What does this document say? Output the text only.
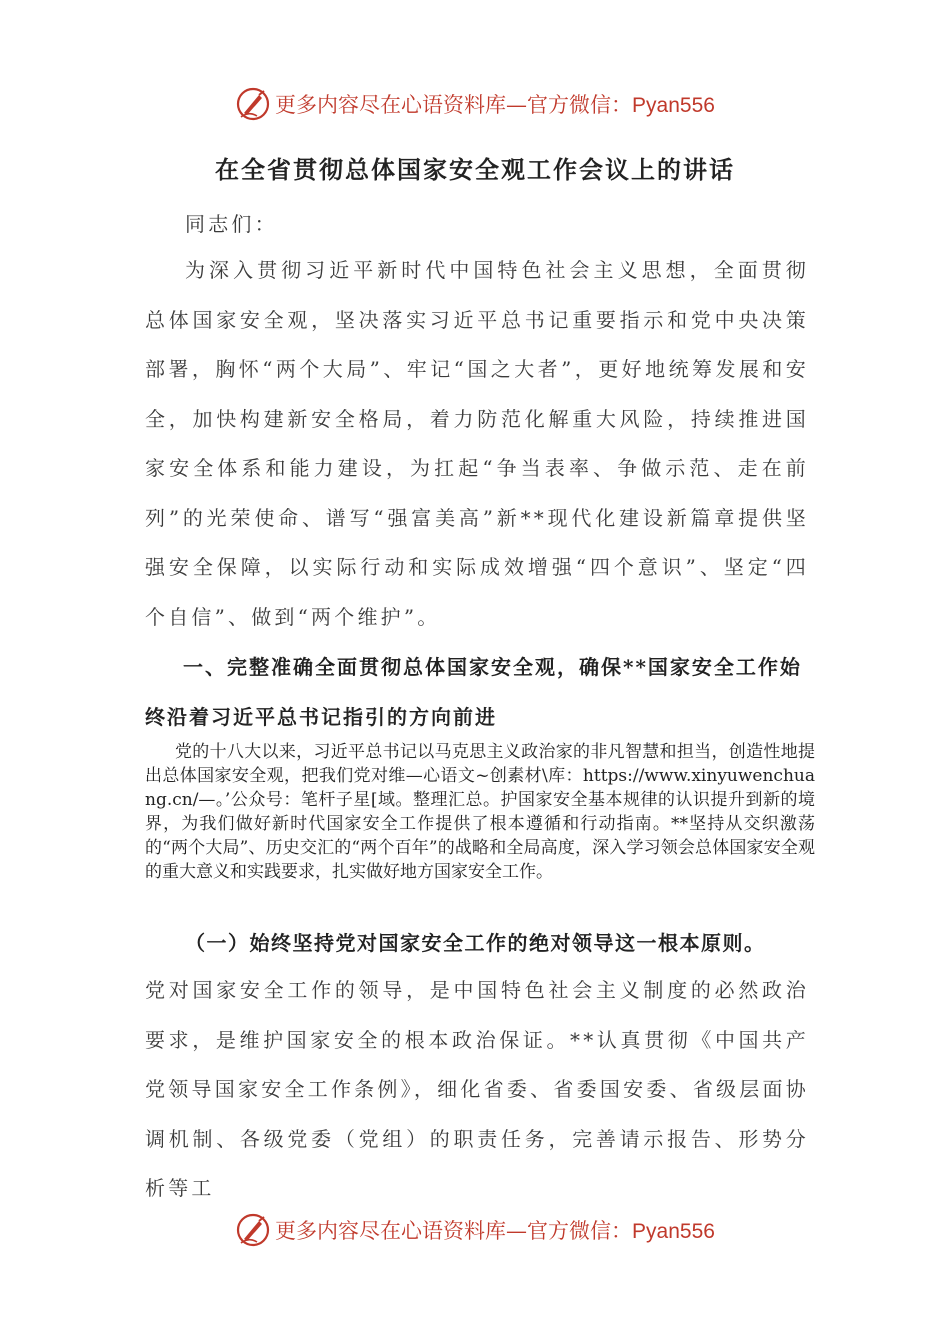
更多内容尽在心语资料库—官方微信：Pyan556
在全省贯彻总体国家安全观工作会议上的讲话

同志们：

为深入贯彻习近平新时代中国特色社会主义思想，全面贯彻总体国家安全观，坚决落实习近平总书记重要指示和党中央决策部署，胸怀“两个大局”、牢记“国之大者”，更好地统筹发展和安全，加快构建新安全格局，着力防范化解重大风险，持续推进国家安全体系和能力建设，为扛起“争当表率、争做示范、走在前列”的光荣使命、谱写“强富美高”新**现代化建设新篇章提供坚强安全保障，以实际行动和实际成效增强“四个意识”、坚定“四个自信”、做到“两个维护”。

一、完整准确全面贯彻总体国家安全观，确保**国家安全工作始终沿着习近平总书记指引的方向前进

党的十八大以来，习近平总书记以马克思主义政治家的非凡智慧和担当，创造性地提出总体国家安全观，把我们党对维—心语文~创素材\库：https://www.xinyuwenchuang.cn/—。’公众号：笔杆子星[域。整理汇总。护国家安全基本规律的认识提升到新的境界，为我们做好新时代国家安全工作提供了根本遵循和行动指南。**坚持从交织激荡的“两个大局”、历史交汇的“两个百年”的战略和全局高度，深入学习领会总体国家安全观的重大意义和实践要求，扎实做好地方国家安全工作。

（一）始终坚持党对国家安全工作的绝对领导这一根本原则。

党对国家安全工作的领导，是中国特色社会主义制度的必然政治要求，是维护国家安全的根本政治保证。**认真贯彻《中国共产党领导国家安全工作条例》，细化省委、省委国安委、省级层面协调机制、各级党委（党组）的职责任务，完善请示报告、形势分析等工

更多内容尽在心语资料库—官方微信：Pyan556
